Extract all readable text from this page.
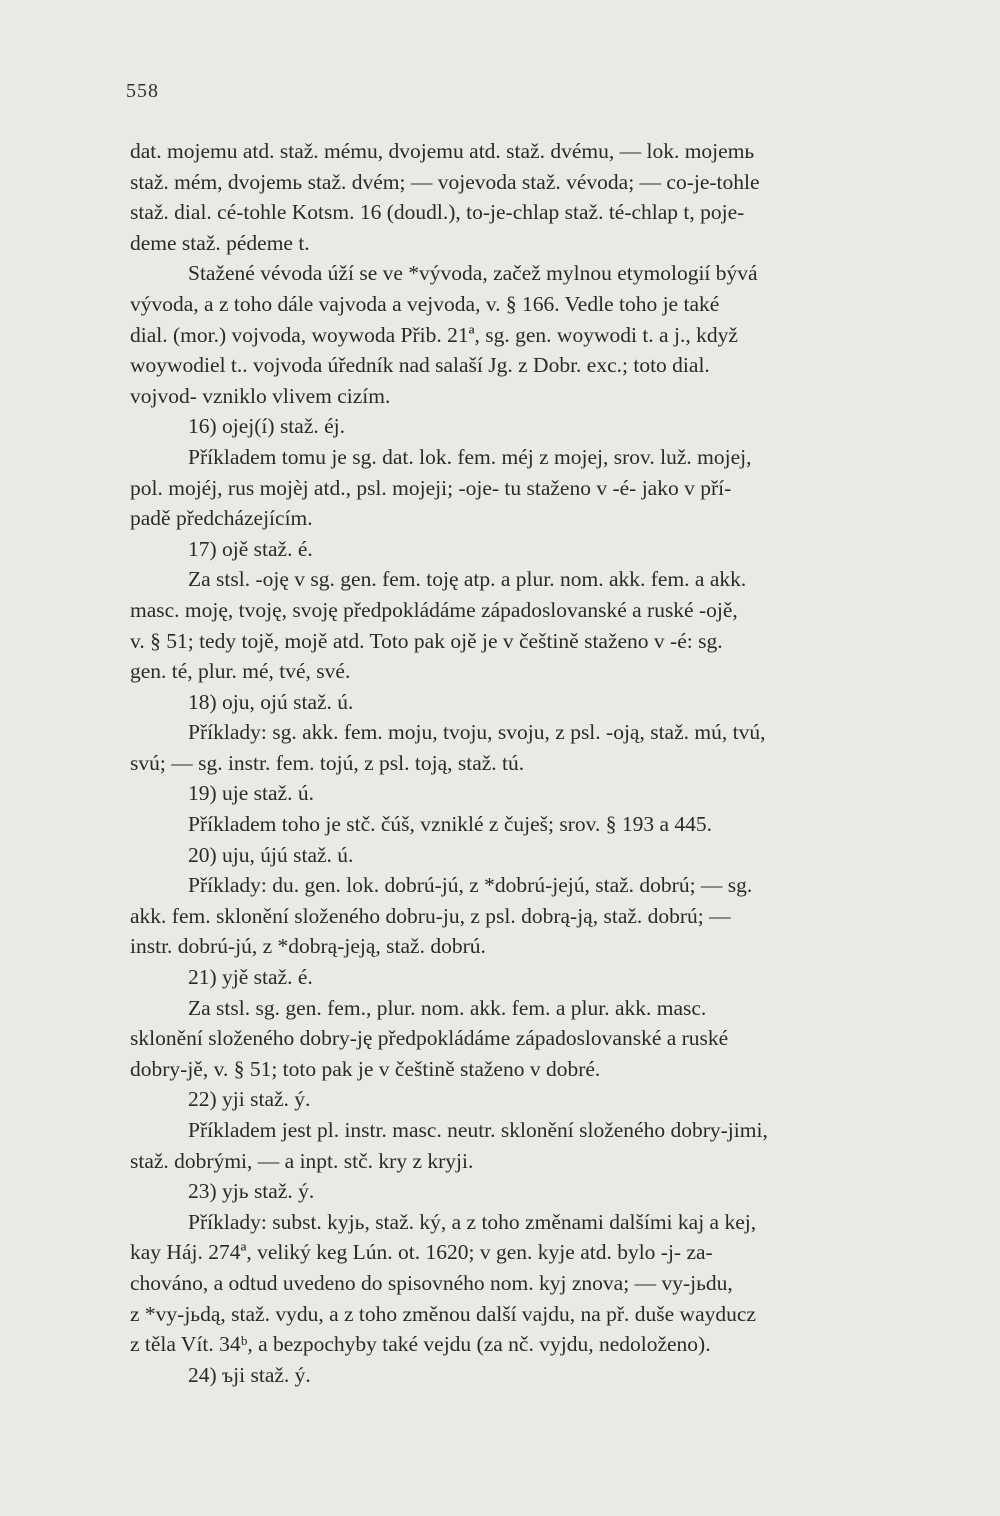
558
dat. mojemu atd. staž. mému, dvojemu atd. staž. dvému, — lok. mojemь
staž. mém, dvojemь staž. dvém; — vojevoda staž. vévoda; — co-je-tohle
staž. dial. cé-tohle Kotsm. 16 (doudl.), to-je-chlap staž. té-chlap t, poje-
deme staž. pédeme t.
Stažené vévoda úží se ve *vývoda, začež mylnou etymologií bývá
vývoda, a z toho dále vajvoda a vejvoda, v. § 166. Vedle toho je také
dial. (mor.) vojvoda, woywoda Přib. 21ª, sg. gen. woywodi t. a j., když
woywodiel t.. vojvoda úředník nad salaší Jg. z Dobr. exc.; toto dial.
vojvod- vzniklo vlivem cizím.
16) ojej(í) staž. éj.
Příkladem tomu je sg. dat. lok. fem. méj z mojej, srov. luž. mojej,
pol. mojéj, rus mojèj atd., psl. mojeji; -oje- tu staženo v -é- jako v pří-
padě předcházejícím.
17) ojě staž. é.
Za stsl. -oję v sg. gen. fem. toję atp. a plur. nom. akk. fem. a akk.
masc. moję, tvoję, svoję předpokládáme západoslovanské a ruské -ojě,
v. § 51; tedy tojě, mojě atd. Toto pak ojě je v češtině staženo v -é: sg.
gen. té, plur. mé, tvé, své.
18) oju, ojú staž. ú.
Příklady: sg. akk. fem. moju, tvoju, svoju, z psl. -oją, staž. mú, tvú,
svú; — sg. instr. fem. tojú, z psl. toją, staž. tú.
19) uje staž. ú.
Příkladem toho je stč. čúš, vzniklé z čuješ; srov. § 193 a 445.
20) uju, újú staž. ú.
Příklady: du. gen. lok. dobrú-jú, z *dobrú-jejú, staž. dobrú; — sg.
akk. fem. sklonění složeného dobru-ju, z psl. dobrą-ją, staž. dobrú; —
instr. dobrú-jú, z *dobrą-jeją, staž. dobrú.
21) yjě staž. é.
Za stsl. sg. gen. fem., plur. nom. akk. fem. a plur. akk. masc.
sklonění složeného dobry-ję předpokládáme západoslovanské a ruské
dobry-jě, v. § 51; toto pak je v češtině staženo v dobré.
22) yji staž. ý.
Příkladem jest pl. instr. masc. neutr. sklonění složeného dobry-jimi,
staž. dobrými, — a inpt. stč. kry z kryji.
23) yjь staž. ý.
Příklady: subst. kyjь, staž. ký, a z toho změnami dalšími kaj a kej,
kay Háj. 274ª, veliký keg Lún. ot. 1620; v gen. kyje atd. bylo -j- za-
chováno, a odtud uvedeno do spisovného nom. kyj znova; — vy-jьdu,
z *vy-jьdą, staž. vydu, a z toho změnou další vajdu, na př. duše wayducz
z těla Vít. 34ᵇ, a bezpochyby také vejdu (za nč. vyjdu, nedoloženo).
24) ъji staž. ý.
